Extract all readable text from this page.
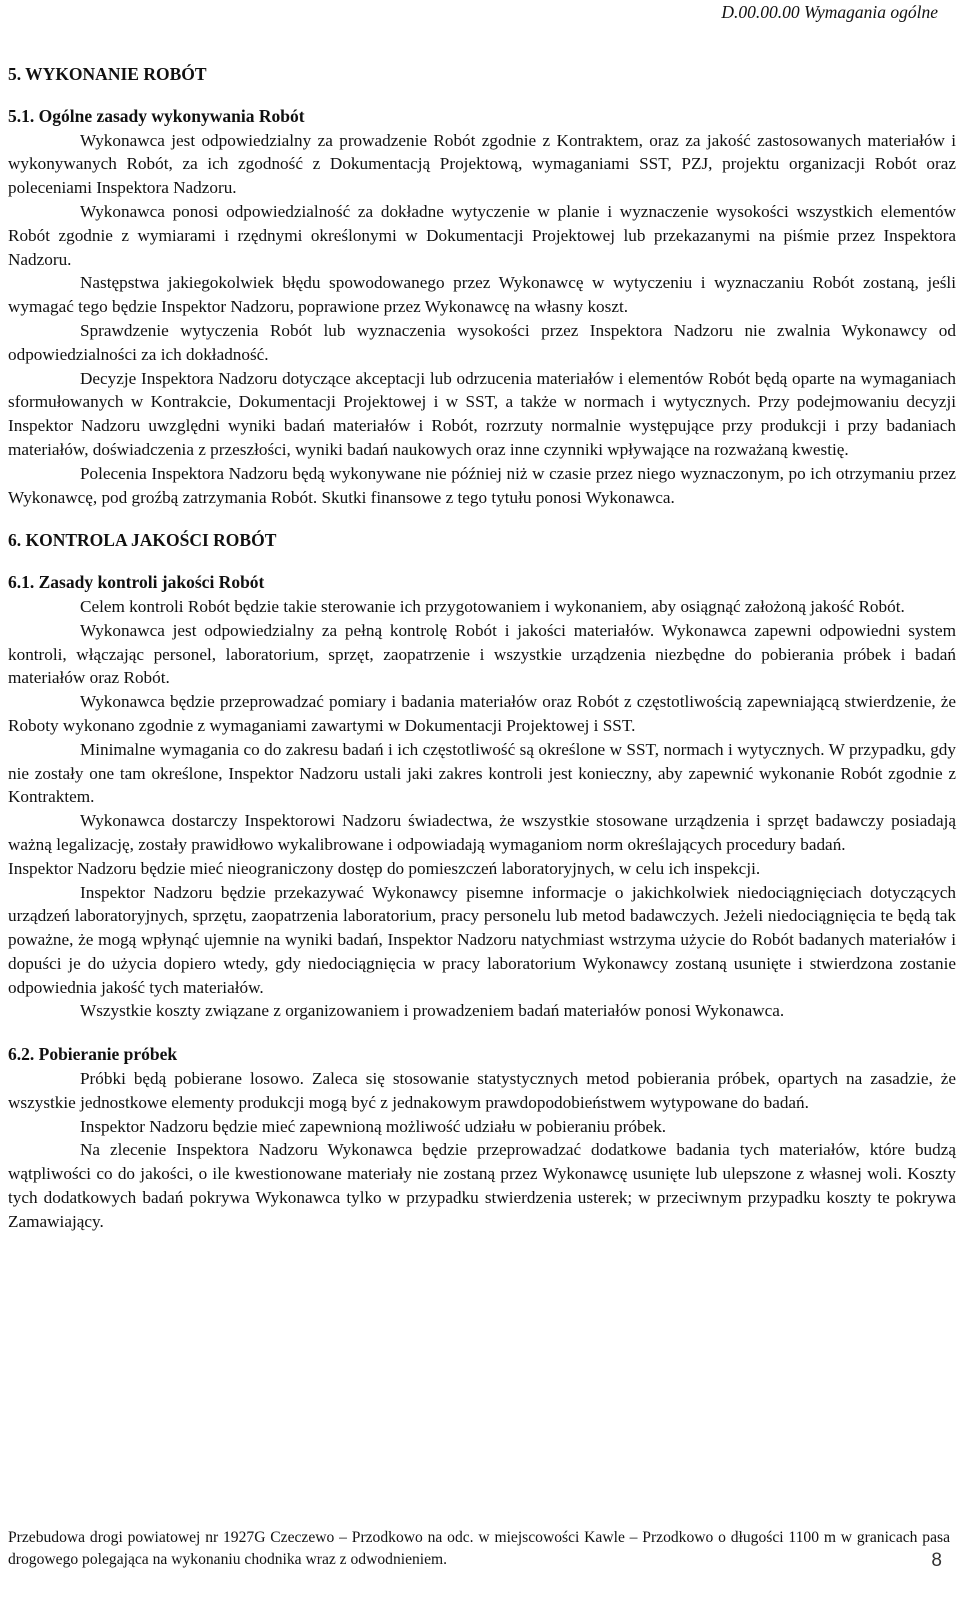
D.00.00.00 Wymagania ogólne
5. WYKONANIE ROBÓT
5.1. Ogólne zasady wykonywania Robót

Wykonawca jest odpowiedzialny za prowadzenie Robót zgodnie z Kontraktem, oraz za jakość zastosowanych materiałów i wykonywanych Robót, za ich zgodność z Dokumentacją Projektową, wymaganiami SST, PZJ, projektu organizacji Robót oraz poleceniami Inspektora Nadzoru.

Wykonawca ponosi odpowiedzialność za dokładne wytyczenie w planie i wyznaczenie wysokości wszystkich elementów Robót zgodnie z wymiarami i rzędnymi określonymi w Dokumentacji Projektowej lub przekazanymi na piśmie przez Inspektora Nadzoru.

Następstwa jakiegokolwiek błędu spowodowanego przez Wykonawcę w wytyczeniu i wyznaczaniu Robót zostaną, jeśli wymagać tego będzie Inspektor Nadzoru, poprawione przez Wykonawcę na własny koszt.

Sprawdzenie wytyczenia Robót lub wyznaczenia wysokości przez Inspektora Nadzoru nie zwalnia Wykonawcy od odpowiedzialności za ich dokładność.

Decyzje Inspektora Nadzoru dotyczące akceptacji lub odrzucenia materiałów i elementów Robót będą oparte na wymaganiach sformułowanych w Kontrakcie, Dokumentacji Projektowej i w SST, a także w normach i wytycznych. Przy podejmowaniu decyzji Inspektor Nadzoru uwzględni wyniki badań materiałów i Robót, rozrzuty normalnie występujące przy produkcji i przy badaniach materiałów, doświadczenia z przeszłości, wyniki badań naukowych oraz inne czynniki wpływające na rozważaną kwestię.

Polecenia Inspektora Nadzoru będą wykonywane nie później niż w czasie przez niego wyznaczonym, po ich otrzymaniu przez Wykonawcę, pod groźbą zatrzymania Robót. Skutki finansowe z tego tytułu ponosi Wykonawca.

6. KONTROLA JAKOŚCI ROBÓT
6.1. Zasady kontroli jakości Robót

Celem kontroli Robót będzie takie sterowanie ich przygotowaniem i wykonaniem, aby osiągnąć założoną jakość Robót.

Wykonawca jest odpowiedzialny za pełną kontrolę Robót i jakości materiałów. Wykonawca zapewni odpowiedni system kontroli, włączając personel, laboratorium, sprzęt, zaopatrzenie i wszystkie urządzenia niezbędne do pobierania próbek i badań materiałów oraz Robót.

Wykonawca będzie przeprowadzać pomiary i badania materiałów oraz Robót z częstotliwością zapewniającą stwierdzenie, że Roboty wykonano zgodnie z wymaganiami zawartymi w Dokumentacji Projektowej i SST.

Minimalne wymagania co do zakresu badań i ich częstotliwość są określone w SST, normach i wytycznych. W przypadku, gdy nie zostały one tam określone, Inspektor Nadzoru ustali jaki zakres kontroli jest konieczny, aby zapewnić wykonanie Robót zgodnie z Kontraktem.

Wykonawca dostarczy Inspektorowi Nadzoru świadectwa, że wszystkie stosowane urządzenia i sprzęt badawczy posiadają ważną legalizację, zostały prawidłowo wykalibrowane i odpowiadają wymaganiom norm określających procedury badań.

Inspektor Nadzoru będzie mieć nieograniczony dostęp do pomieszczeń laboratoryjnych, w celu ich inspekcji.

Inspektor Nadzoru będzie przekazywać Wykonawcy pisemne informacje o jakichkolwiek niedociągnięciach dotyczących urządzeń laboratoryjnych, sprzętu, zaopatrzenia laboratorium, pracy personelu lub metod badawczych. Jeżeli niedociągnięcia te będą tak poważne, że mogą wpłynąć ujemnie na wyniki badań, Inspektor Nadzoru natychmiast wstrzyma użycie do Robót badanych materiałów i dopuści je do użycia dopiero wtedy, gdy niedociągnięcia w pracy laboratorium Wykonawcy zostaną usunięte i stwierdzona zostanie odpowiednia jakość tych materiałów.

Wszystkie koszty związane z organizowaniem i prowadzeniem badań materiałów ponosi Wykonawca.

6.2. Pobieranie próbek

Próbki będą pobierane losowo. Zaleca się stosowanie statystycznych metod pobierania próbek, opartych na zasadzie, że wszystkie jednostkowe elementy produkcji mogą być z jednakowym prawdopodobieństwem wytypowane do badań.

Inspektor Nadzoru będzie mieć zapewnioną możliwość udziału w pobieraniu próbek.

Na zlecenie Inspektora Nadzoru Wykonawca będzie przeprowadzać dodatkowe badania tych materiałów, które budzą wątpliwości co do jakości, o ile kwestionowane materiały nie zostaną przez Wykonawcę usunięte lub ulepszone z własnej woli. Koszty tych dodatkowych badań pokrywa Wykonawca tylko w przypadku stwierdzenia usterek; w przeciwnym przypadku koszty te pokrywa Zamawiający.

Przebudowa drogi powiatowej nr 1927G Czeczewo – Przodkowo na odc. w miejscowości Kawle – Przodkowo o długości 1100 m w granicach pasa drogowego polegająca na wykonaniu chodnika wraz z odwodnieniem.	8
